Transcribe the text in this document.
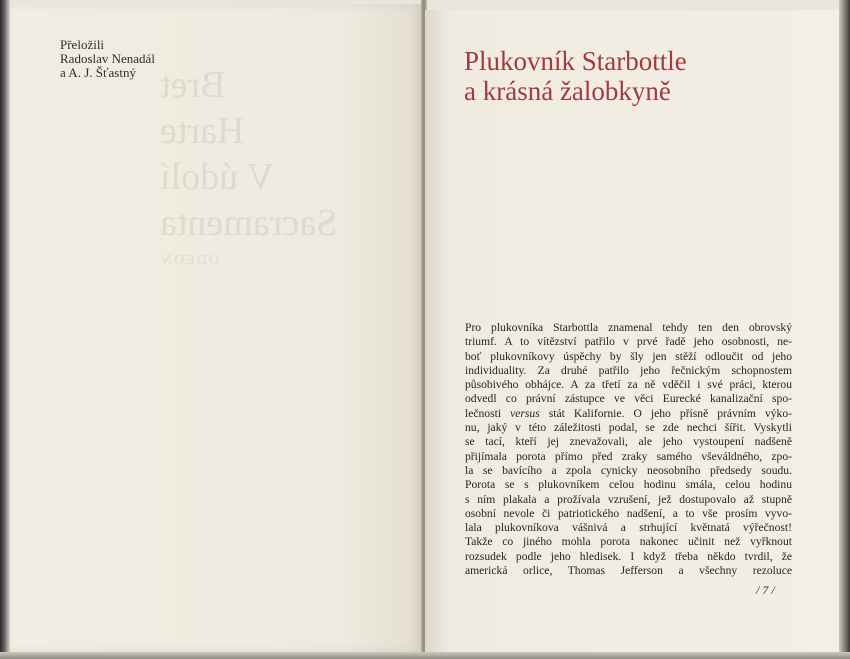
Bret
Harte
V údolí
Sacramenta
ODEON
Přeložili
Radoslav Nenadál
a A. J. Šťastný	Plukovník Starbottle
a krásná žalobkyně
Pro plukovníka Starbottla znamenal tehdy ten den obrovský
triumf. A to vítězství patřilo v prvé řadě jeho osobnosti, ne-
boť plukovníkovy úspěchy by šly jen stěží odloučit od jeho
individuality. Za druhé patřilo jeho řečnickým schopnostem
působivého obhájce. A za třetí za ně vděčil i své práci, kterou
odvedl co právní zástupce ve věci Eurecké kanalizační spo-
lečnosti versus stát Kalifornie. O jeho přísně právním výko-
nu, jaký v této záležitosti podal, se zde nechci šířit. Vyskytli
se tací, kteří jej znevažovali, ale jeho vystoupení nadšeně
přijímala porota přímo před zraky samého vševáldného, zpo-
la se bavícího a zpola cynicky neosobního předsedy soudu.
Porota se s plukovníkem celou hodinu smála, celou hodinu
s ním plakala a prožívala vzrušení, jež dostupovalo až stupně
osobní nevole či patriotického nadšení, a to vše prosím vyvo-
lala plukovníkova vášnivá a strhující květnatá výřečnost!
Takže co jiného mohla porota nakonec učinit než vyřknout
rozsudek podle jeho hledisek. I když třeba někdo tvrdil, že
americká orlice, Thomas Jefferson a všechny rezoluce
/ 7 /
